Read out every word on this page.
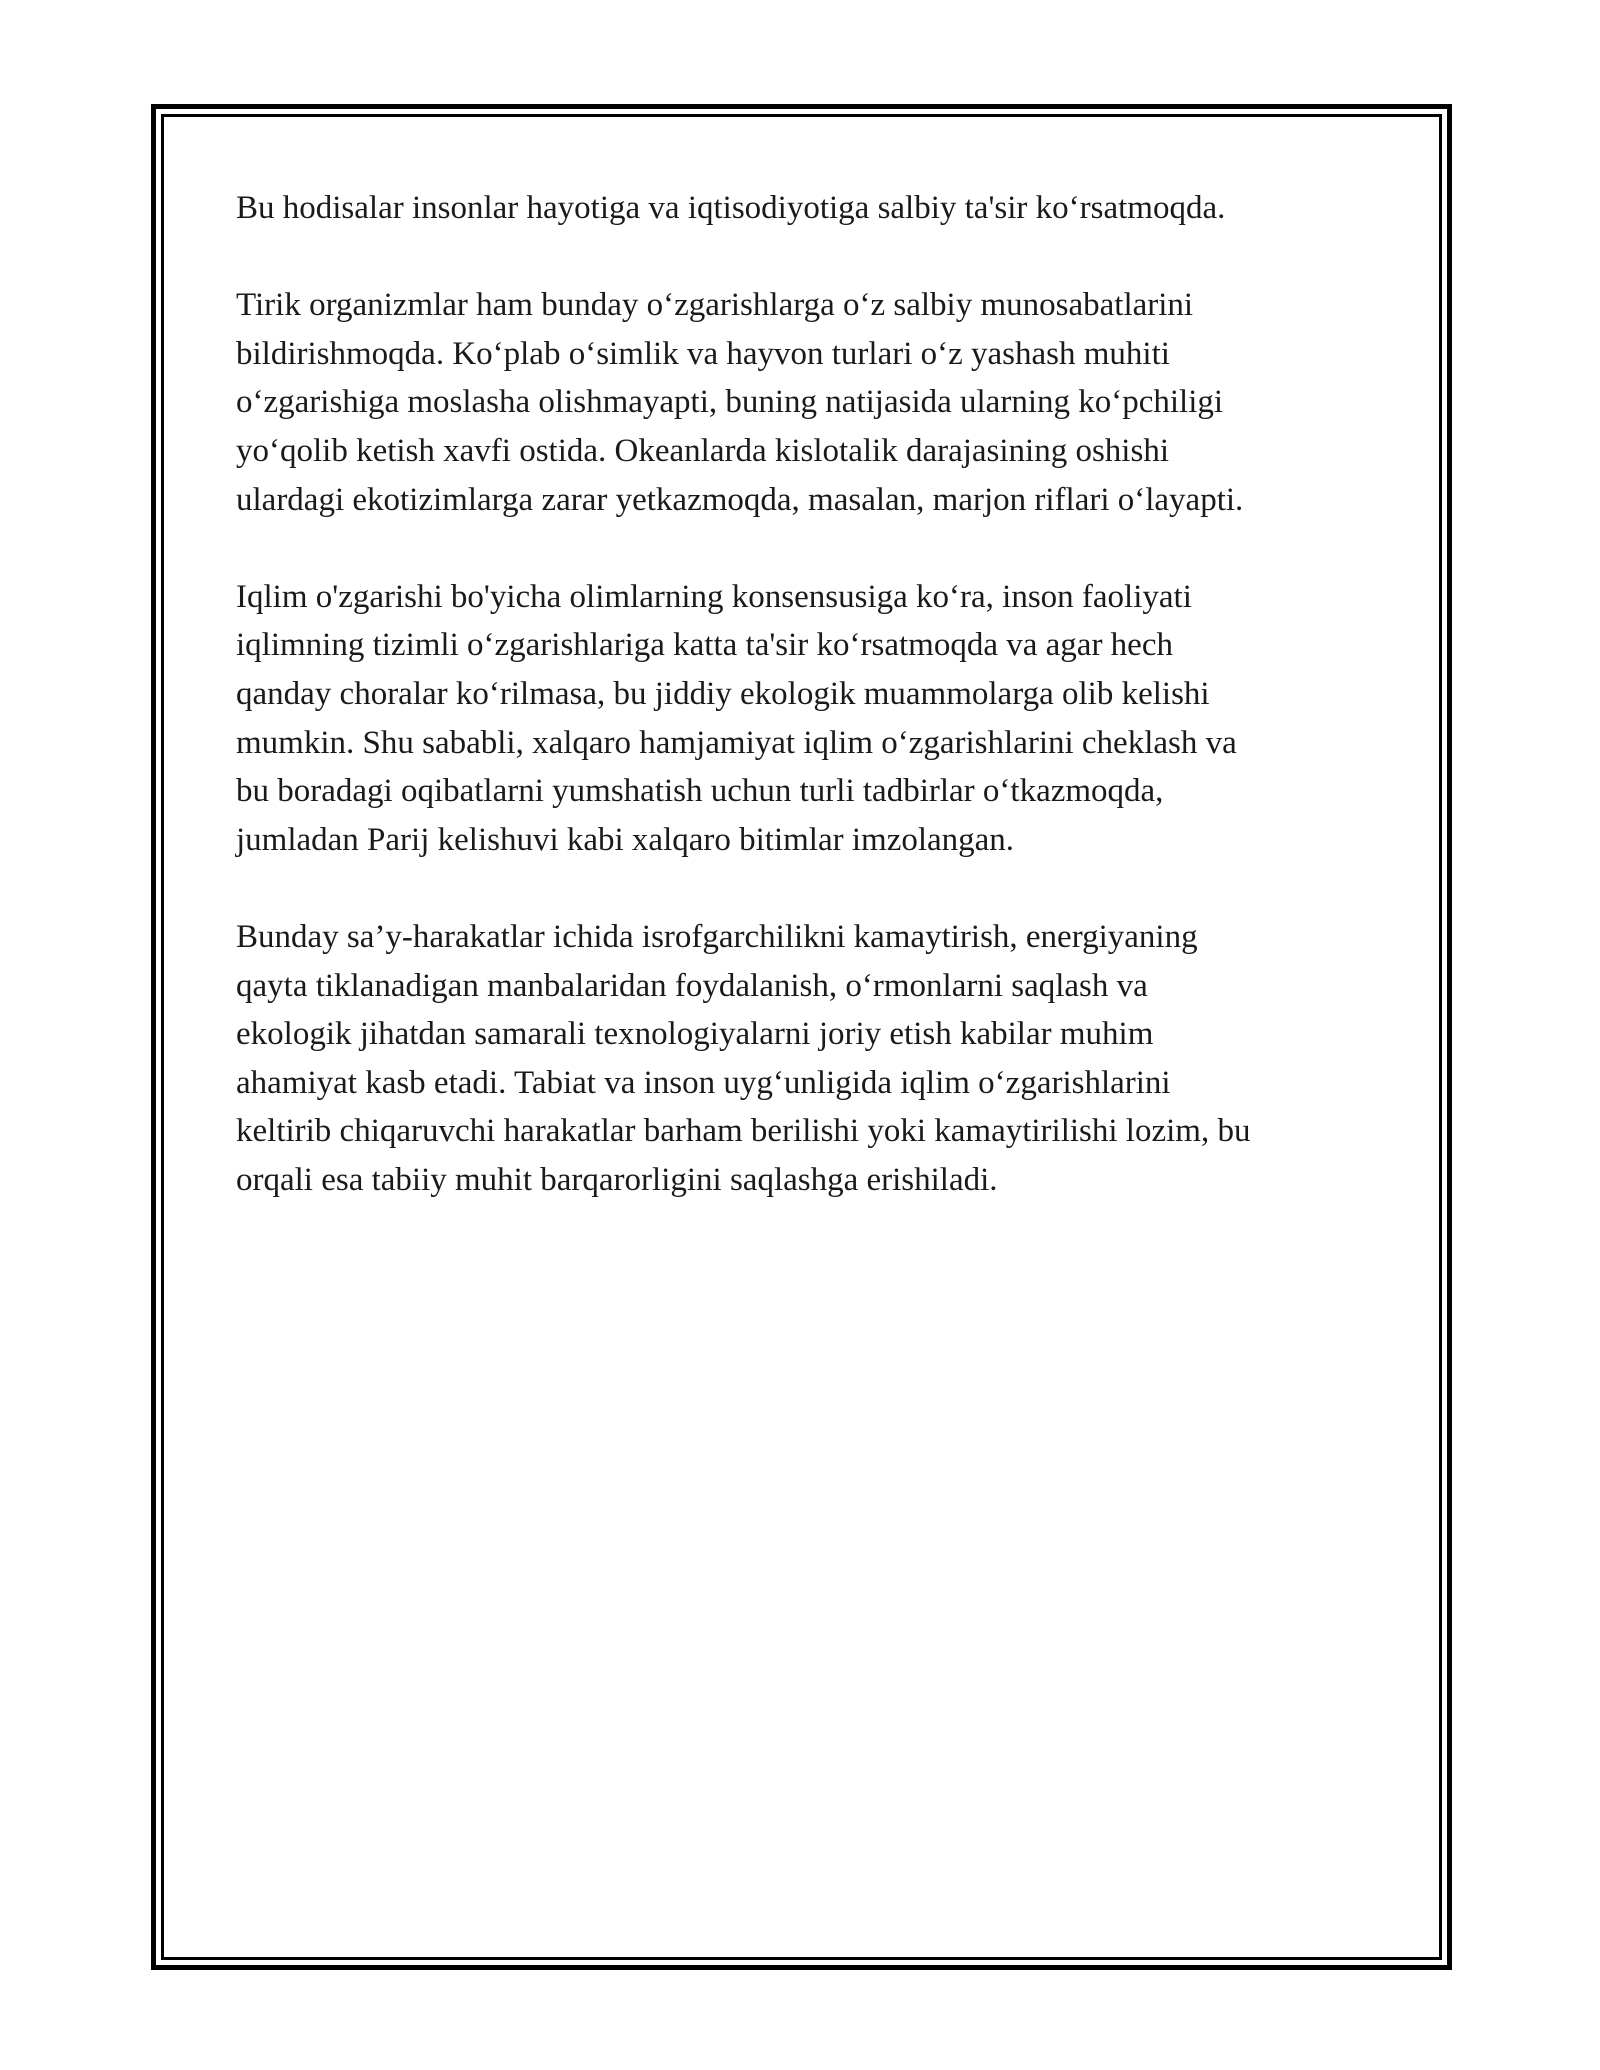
Bu hodisalar insonlar hayotiga va iqtisodiyotiga salbiy ta'sir ko‘rsatmoqda.

Tirik organizmlar ham bunday o‘zgarishlarga o‘z salbiy munosabatlarini
bildirishmoqda. Ko‘plab o‘simlik va hayvon turlari o‘z yashash muhiti
o‘zgarishiga moslasha olishmayapti, buning natijasida ularning ko‘pchiligi
yo‘qolib ketish xavfi ostida. Okeanlarda kislotalik darajasining oshishi
ulardagi ekotizimlarga zarar yetkazmoqda, masalan, marjon riflari o‘layapti.

Iqlim o'zgarishi bo'yicha olimlarning konsensusiga ko‘ra, inson faoliyati
iqlimning tizimli o‘zgarishlariga katta ta'sir ko‘rsatmoqda va agar hech
qanday choralar ko‘rilmasa, bu jiddiy ekologik muammolarga olib kelishi
mumkin. Shu sababli, xalqaro hamjamiyat iqlim o‘zgarishlarini cheklash va
bu boradagi oqibatlarni yumshatish uchun turli tadbirlar o‘tkazmoqda,
jumladan Parij kelishuvi kabi xalqaro bitimlar imzolangan.

Bunday sa’y-harakatlar ichida isrofgarchilikni kamaytirish, energiyaning
qayta tiklanadigan manbalaridan foydalanish, o‘rmonlarni saqlash va
ekologik jihatdan samarali texnologiyalarni joriy etish kabilar muhim
ahamiyat kasb etadi. Tabiat va inson uyg‘unligida iqlim o‘zgarishlarini
keltirib chiqaruvchi harakatlar barham berilishi yoki kamaytirilishi lozim, bu
orqali esa tabiiy muhit barqarorligini saqlashga erishiladi.
